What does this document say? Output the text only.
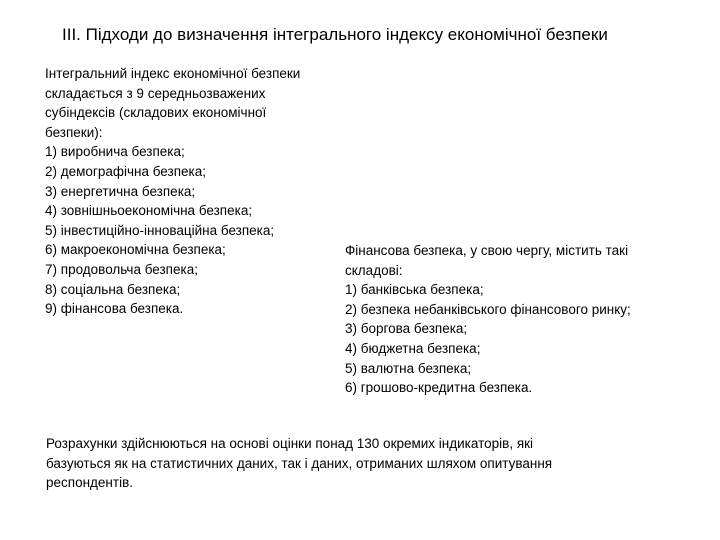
III. Підходи до визначення інтегрального індексу економічної безпеки
Інтегральний індекс економічної безпеки
складається з 9 середньозважених
субіндексів (складових економічної
безпеки):
1) виробнича безпека;
2) демографічна безпека;
3) енергетична безпека;
4) зовнішньоекономічна безпека;
5) інвестиційно-інноваційна безпека;
6) макроекономічна безпека;
7) продовольча безпека;
8) соціальна безпека;
9) фінансова безпека.
Фінансова безпека, у свою чергу, містить такі
складові:
1) банківська безпека;
2) безпека небанківського фінансового ринку;
3) боргова безпека;
4) бюджетна безпека;
5) валютна безпека;
6) грошово-кредитна безпека.
Розрахунки здійснюються на основі оцінки понад 130 окремих індикаторів, які
базуються як на статистичних даних, так і даних, отриманих шляхом опитування
респондентів.
